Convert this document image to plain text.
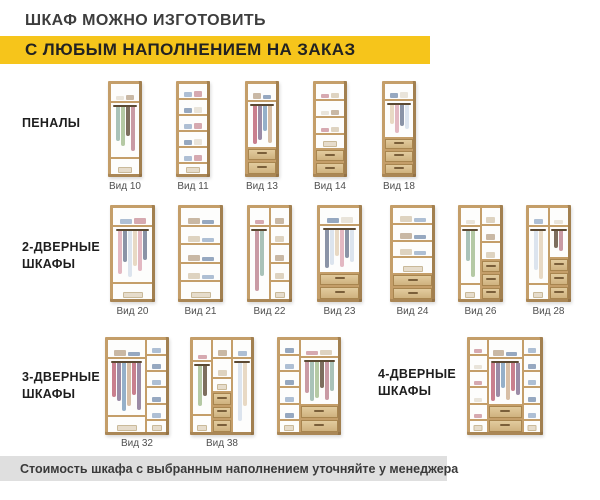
ШКАФ МОЖНО ИЗГОТОВИТЬ
С ЛЮБЫМ НАПОЛНЕНИЕМ НА ЗАКАЗ
Стоимость шкафа с выбранным наполнением уточняйте у менеджера
ПЕНАЛЫ
Вид 10	Вид 11	Вид 13	Вид 14	Вид 18
2-ДВЕРНЫЕ
ШКАФЫ
Вид 20	Вид 21	Вид 22	Вид 23	Вид 24	Вид 26	Вид 28
3-ДВЕРНЫЕ
ШКАФЫ
Вид 32	Вид 38
4-ДВЕРНЫЕ
ШКАФЫ
